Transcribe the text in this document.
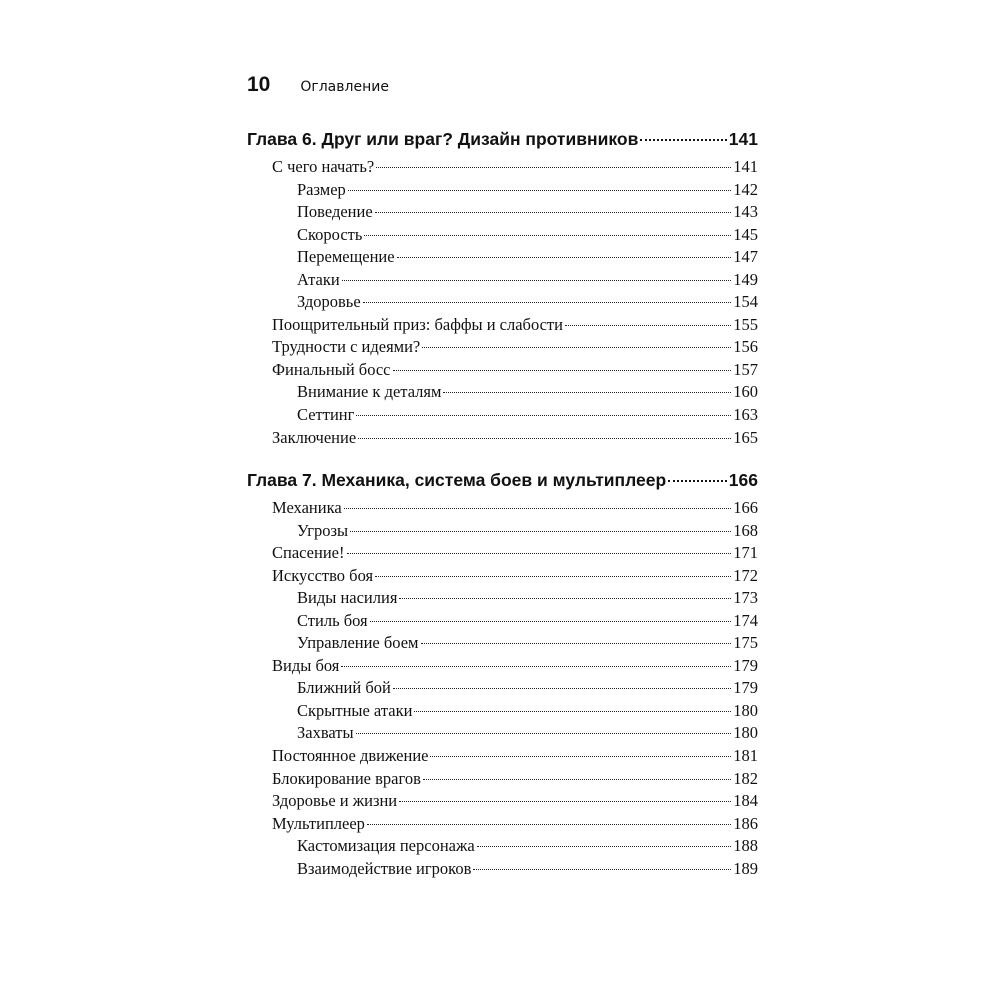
10 Оглавление
Глава 6. Друг или враг? Дизайн противников	141
С чего начать?	141
Размер	142
Поведение	143
Скорость	145
Перемещение	147
Атаки	149
Здоровье	154
Поощрительный приз: баффы и слабости	155
Трудности с идеями?	156
Финальный босс	157
Внимание к деталям	160
Сеттинг	163
Заключение	165
Глава 7. Механика, система боев и мультиплеер	166
Механика	166
Угрозы	168
Спасение!	171
Искусство боя	172
Виды насилия	173
Стиль боя	174
Управление боем	175
Виды боя	179
Ближний бой	179
Скрытные атаки	180
Захваты	180
Постоянное движение	181
Блокирование врагов	182
Здоровье и жизни	184
Мультиплеер	186
Кастомизация персонажа	188
Взаимодействие игроков	189
